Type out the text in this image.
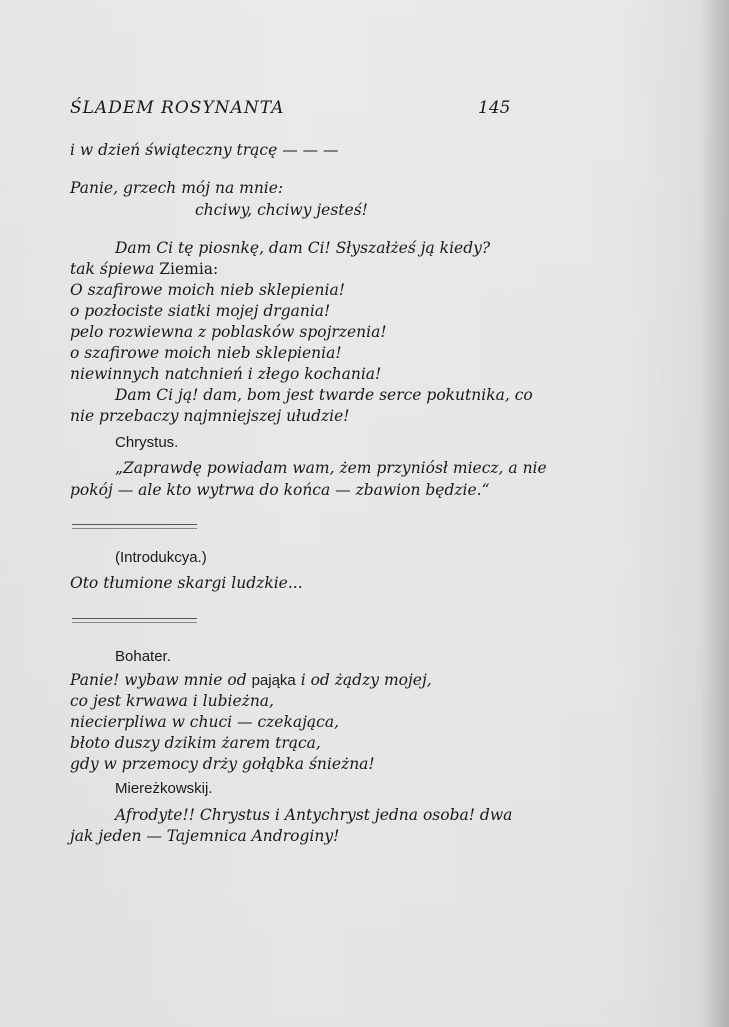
ŚLADEM ROSYNANTA	145
i w dzień świąteczny trącę — — —
Panie, grzech mój na mnie:
chciwy, chciwy jesteś!
Dam Ci tę piosnkę, dam Ci! Słyszałżeś ją kiedy?
tak śpiewa Ziemia:
O szafirowe moich nieb sklepienia!
o pozłociste siatki mojej drgania!
pelo rozwiewna z poblasków spojrzenia!
o szafirowe moich nieb sklepienia!
niewinnych natchnień i złego kochania!
Dam Ci ją! dam, bom jest twarde serce pokutnika, co
nie przebaczy najmniejszej ułudzie!
Chrystus.
„Zaprawdę powiadam wam, żem przyniósł miecz, a nie
pokój — ale kto wytrwa do końca — zbawion będzie.“
(Introdukcya.)
Oto tłumione skargi ludzkie...
Bohater.
Panie! wybaw mnie od pająka i od żądzy mojej,
co jest krwawa i lubieżna,
niecierpliwa w chuci — czekająca,
błoto duszy dzikim żarem trąca,
gdy w przemocy drży gołąbka śnieżna!
Miereżkowskij.
Afrodyte!! Chrystus i Antychryst jedna osoba! dwa
jak jeden — Tajemnica Androginy!
